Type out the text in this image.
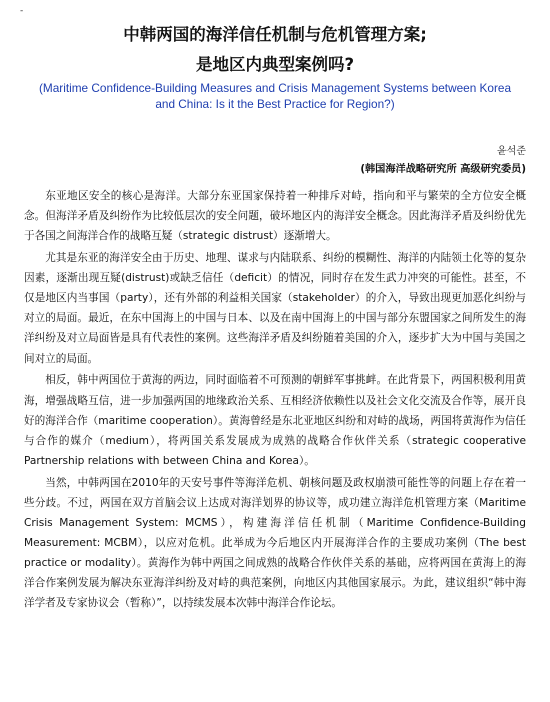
-
中韩两国的海洋信任机制与危机管理方案;
是地区内典型案例吗?
(Maritime Confidence-Building Measures and Crisis Management Systems between Korea and China: Is it the Best Practice for Region?)
윤석준
(韩国海洋战略研究所 高级研究委员)

东亚地区安全的核心是海洋。大部分东亚国家保持着一种排斥对峙，指向和平与繁荣的全方位安全概念。但海洋矛盾及纠纷作为比较低层次的安全问题，破坏地区内的海洋安全概念。因此海洋矛盾及纠纷优先于各国之间海洋合作的战略互疑（strategic distrust）逐渐增大。

尤其是东亚的海洋安全由于历史、地理、谋求与内陆联系、纠纷的模糊性、海洋的内陆领土化等的复杂因素，逐渐出现互疑(distrust)或缺乏信任（deficit）的情况，同时存在发生武力冲突的可能性。甚至，不仅是地区内当事国（party），还有外部的利益相关国家（stakeholder）的介入，导致出现更加恶化纠纷与对立的局面。最近，在东中国海上的中国与日本、以及在南中国海上的中国与部分东盟国家之间所发生的海洋纠纷及对立局面皆是具有代表性的案例。这些海洋矛盾及纠纷随着美国的介入，逐步扩大为中国与美国之间对立的局面。

相反，韩中两国位于黄海的两边，同时面临着不可预测的朝鲜军事挑衅。在此背景下，两国积极利用黄海，增强战略互信，进一步加强两国的地缘政治关系、互相经济依赖性以及社会文化交流及合作等，展开良好的海洋合作（maritime cooperation）。黄海曾经是东北亚地区纠纷和对峙的战场，两国将黄海作为信任与合作的媒介（medium），将两国关系发展成为成熟的战略合作伙伴关系（strategic cooperative Partnership relations with between China and Korea）。

当然，中韩两国在2010年的天安号事件等海洋危机、朝核问题及政权崩溃可能性等的问题上存在着一些分歧。不过，两国在双方首脑会议上达成对海洋划界的协议等，成功建立海洋危机管理方案（Maritime Crisis Management System: MCMS），构建海洋信任机制（Maritime Confidence-Building Measurement: MCBM），以应对危机。此举成为今后地区内开展海洋合作的主要成功案例（The best practice or modality）。黄海作为韩中两国之间成熟的战略合作伙伴关系的基础，应将两国在黄海上的海洋合作案例发展为解决东亚海洋纠纷及对峙的典范案例，向地区内其他国家展示。为此，建议组织“韩中海洋学者及专家协议会（暂称）”，以持续发展本次韩中海洋合作论坛。
